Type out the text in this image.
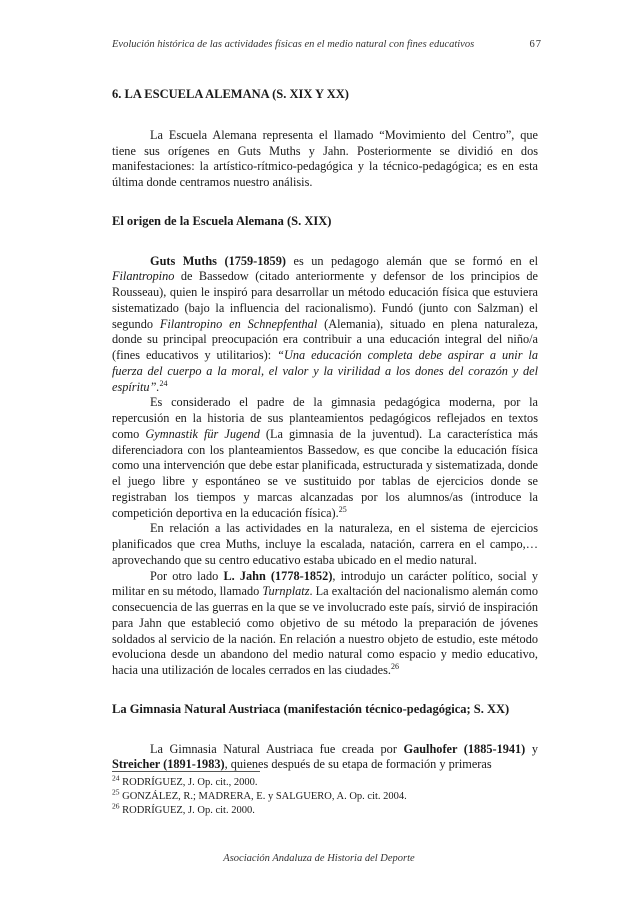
Evolución histórica de las actividades físicas en el medio natural con fines educativos	67
6. LA ESCUELA ALEMANA (S. XIX Y XX)

La Escuela Alemana representa el llamado “Movimiento del Centro”, que tiene sus orígenes en Guts Muths y Jahn. Posteriormente se dividió en dos manifestaciones: la artístico-rítmico-pedagógica y la técnico-pedagógica; es en esta última donde centramos nuestro análisis.

El origen de la Escuela Alemana (S. XIX)

Guts Muths (1759-1859) es un pedagogo alemán que se formó en el Filantropino de Bassedow (citado anteriormente y defensor de los principios de Rousseau), quien le inspiró para desarrollar un método educación física que estuviera sistematizado (bajo la influencia del racionalismo). Fundó (junto con Salzman) el segundo Filantropino en Schnepfenthal (Alemania), situado en plena naturaleza, donde su principal preocupación era contribuir a una educación integral del niño/a (fines educativos y utilitarios): “Una educación completa debe aspirar a unir la fuerza del cuerpo a la moral, el valor y la virilidad a los dones del corazón y del espíritu”.$^{24}$

Es considerado el padre de la gimnasia pedagógica moderna, por la repercusión en la historia de sus planteamientos pedagógicos reflejados en textos como Gymnastik für Jugend (La gimnasia de la juventud). La característica más diferenciadora con los planteamientos Bassedow, es que concibe la educación física como una intervención que debe estar planificada, estructurada y sistematizada, donde el juego libre y espontáneo se ve sustituido por tablas de ejercicios donde se registraban los tiempos y marcas alcanzadas por los alumnos/as (introduce la competición deportiva en la educación física).$^{25}$

En relación a las actividades en la naturaleza, en el sistema de ejercicios planificados que crea Muths, incluye la escalada, natación, carrera en el campo,… aprovechando que su centro educativo estaba ubicado en el medio natural.

Por otro lado L. Jahn (1778-1852), introdujo un carácter político, social y militar en su método, llamado Turnplatz. La exaltación del nacionalismo alemán como consecuencia de las guerras en la que se ve involucrado este país, sirvió de inspiración para Jahn que estableció como objetivo de su método la preparación de jóvenes soldados al servicio de la nación. En relación a nuestro objeto de estudio, este método evoluciona desde un abandono del medio natural como espacio y medio educativo, hacia una utilización de locales cerrados en las ciudades.$^{26}$

La Gimnasia Natural Austriaca (manifestación técnico-pedagógica; S. XX)

La Gimnasia Natural Austriaca fue creada por Gaulhofer (1885-1941) y Streicher (1891-1983), quienes después de su etapa de formación y primeras

$^{24}$ RODRÍGUEZ, J. Op. cit., 2000.
$^{25}$ GONZÁLEZ, R.; MADRERA, E. y SALGUERO, A. Op. cit. 2004.
$^{26}$ RODRÍGUEZ, J. Op. cit. 2000.
Asociación Andaluza de Historia del Deporte
